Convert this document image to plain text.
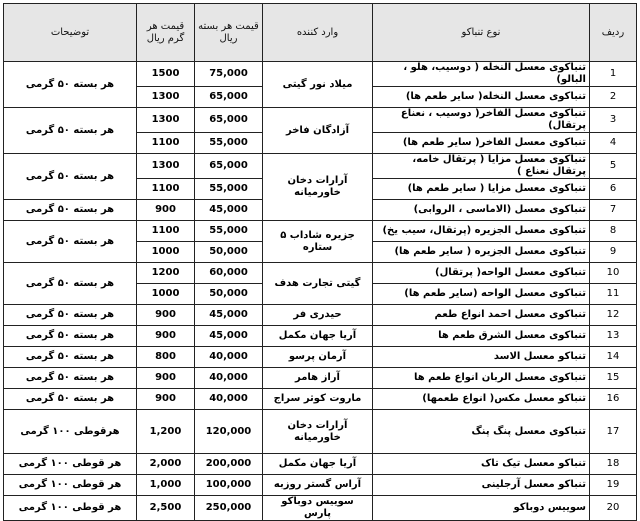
ردیف	نوع تنباکو	وارد کننده	قیمت هر بسته ریال	قیمت هر گرم ریال	توضیحات
1	تنباکوی معسل النخله ( دوسیب، هلو ، البالو)	میلاد نور گیتی	75,000	1500	هر بسته ۵۰ گرمی
2	تنباکوی معسل النخله( سایر طعم ها)		65,000	1300	
3	تنباکوی معسل الفاخر( دوسیب ، نعناع پرتقال)	آزادگان فاخر	65,000	1300	هر بسته ۵۰ گرمی
4	تنباکوی معسل الفاخر( سایر طعم ها)		55,000	1100	
5	تنباکوی معسل مزایا ( پرتقال خامه، پرتقال نعناع )	آرارات دخان خاورمیانه	65,000	1300	هر بسته ۵۰ گرمی
6	تنباکوی معسل مزایا ( سایر طعم ها)		55,000	1100	
7	تنباکوی معسل (الاماسی ، الروابی)		45,000	900	هر بسته ۵۰ گرمی
8	تنباکوی معسل الجزیره (پرتقال، سیب یخ)	جزیره شاداب ۵ ستاره	55,000	1100	هر بسته ۵۰ گرمی
9	تنباکوی معسل الجزیره ( سایر طعم ها)		50,000	1000	
10	تنباکوی معسل الواحه( پرتقال)	گیتی تجارت هدف	60,000	1200	هر بسته ۵۰ گرمی
11	تنباکوی معسل الواحه (سایر طعم ها)		50,000	1000	
12	تنباکوی معسل احمد انواع طعم	حیدری فر	45,000	900	هر بسته ۵۰ گرمی
13	تنباکوی معسل الشرق طعم ها	آریا جهان مکمل	45,000	900	هر بسته ۵۰ گرمی
14	تنباکو معسل الاسد	آرمان پرسو	40,000	800	هر بسته ۵۰ گرمی
15	تنباکوی معسل الربان انواع طعم ها	آراز هامر	40,000	900	هر بسته ۵۰ گرمی
16	تنباکو معسل مکس( انواع طعمها)	ماروت کوثر سراج	40,000	900	هر بسته ۵۰ گرمی
17	تنباکوی معسل پنگ پنگ	آرارات دخان خاورمیانه	120,000	1,200	هرقوطی ۱۰۰ گرمی
18	تنباکو معسل تیک تاک	آریا جهان مکمل	200,000	2,000	هر قوطی ۱۰۰ گرمی
19	تنباکو معسل آرجلینی	آراس گستر روزبه	100,000	1,000	هر قوطی ۱۰۰ گرمی
20	سوییس دوباکو	سوییس دوباکو پارس	250,000	2,500	هر قوطی ۱۰۰ گرمی
